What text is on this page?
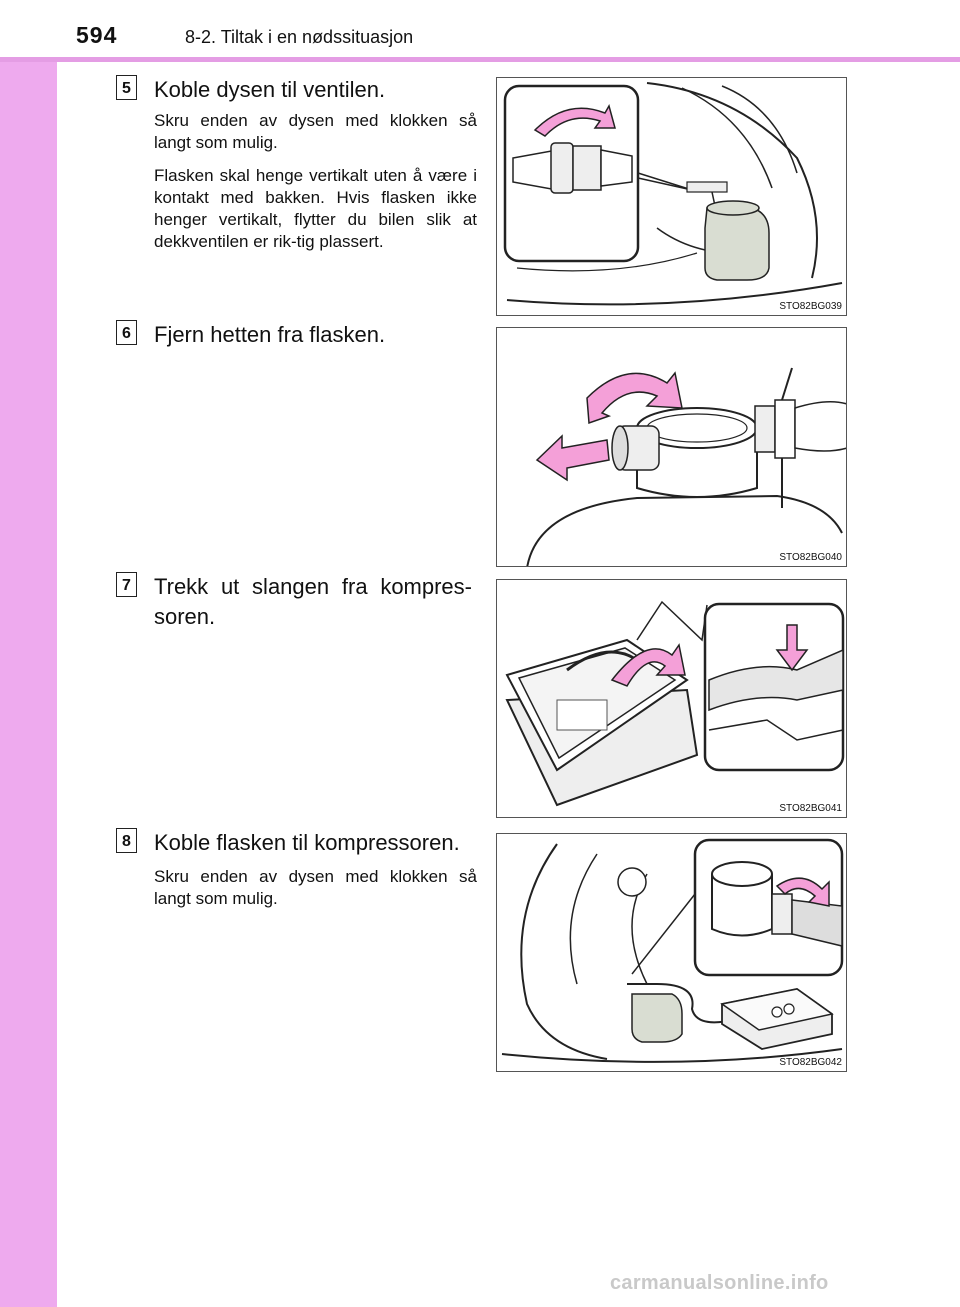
594	8-2. Tiltak i en nødssituasjon
5 Koble dysen til ventilen.

Skru enden av dysen med klokken så langt som mulig.

Flasken skal henge vertikalt uten å være i kontakt med bakken. Hvis flasken ikke henger vertikalt, flytter du bilen slik at dekkventilen er rik-tig plassert.

STO82BG039
6 Fjern hetten fra flasken.
STO82BG040
7 Trekk ut slangen fra kompres-soren.
STO82BG041
8 Koble flasken til kompressoren.

Skru enden av dysen med klokken så langt som mulig.

STO82BG042
carmanualsonline.info
